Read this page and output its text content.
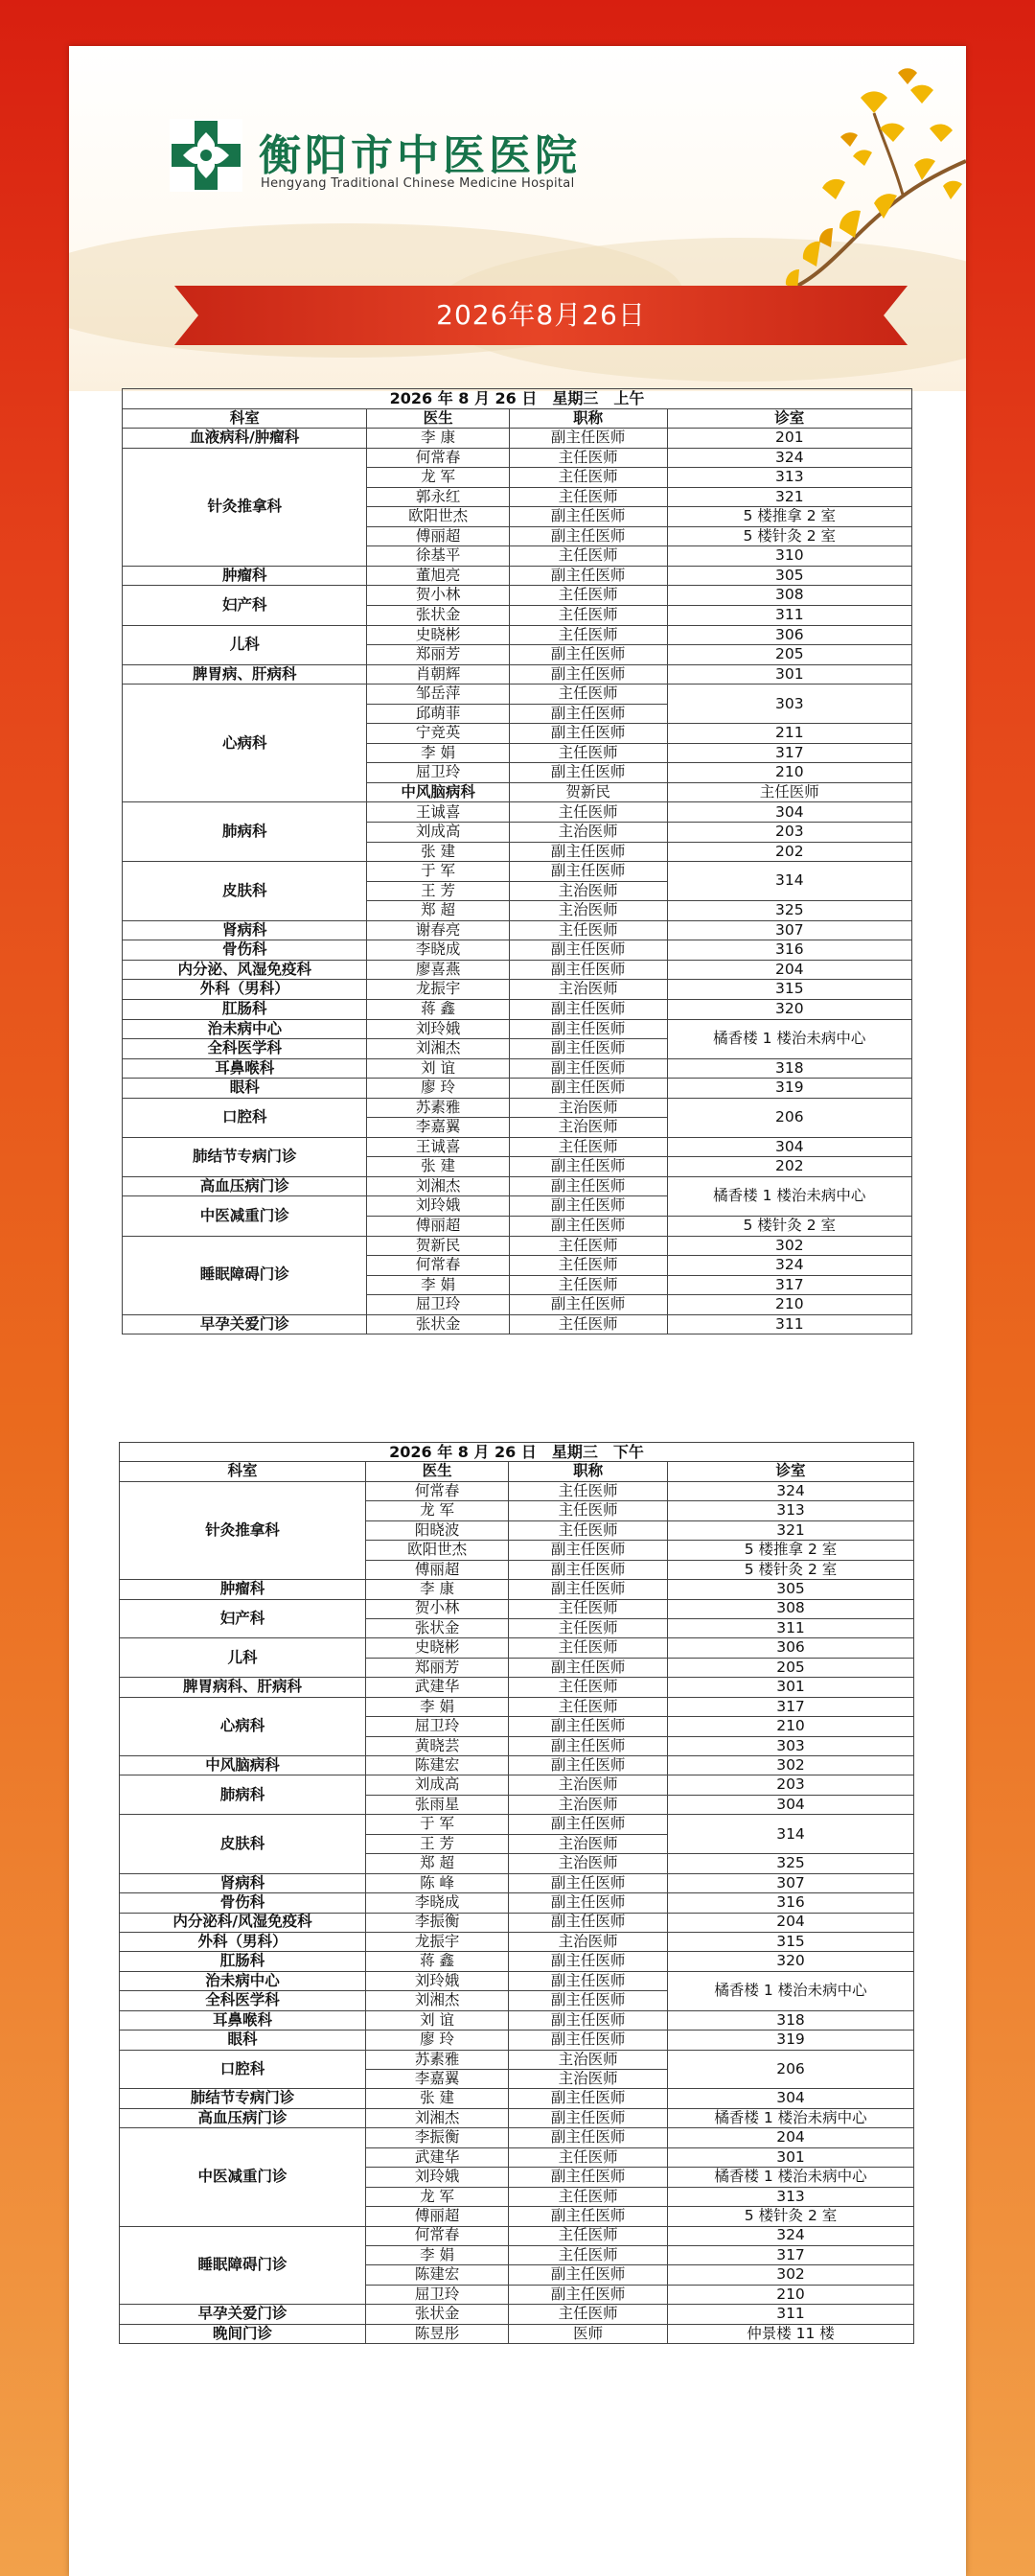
衡阳市中医医院
Hengyang Traditional Chinese Medicine Hospital
2026年8月26日
2026 年 8 月 26 日　星期三　上午				
科室	医生	职称	诊室	
血液病科/肿瘤科	李 康	副主任医师	201	
针灸推拿科	何常春	主任医师	324	
	龙 军	主任医师	313	
	郭永红	主任医师	321	
	欧阳世杰	副主任医师	5 楼推拿 2 室	
	傅丽超	副主任医师	5 楼针灸 2 室	
	徐基平	主任医师	310	
肿瘤科	董旭亮	副主任医师	305	
妇产科	贺小林	主任医师	308	
	张状金	主任医师	311	
儿科	史晓彬	主任医师	306	
	郑丽芳	副主任医师	205	
脾胃病、肝病科	肖朝辉	副主任医师	301	
心病科	邹岳萍	主任医师	303	
	邱萌菲	副主任医师		
	宁竞英	副主任医师	211	
	李 娟	主任医师	317	
	屈卫玲	副主任医师	210	
	中风脑病科	贺新民	主任医师	
肺病科	王诚喜	主任医师	304	
	刘成高	主治医师	203	
	张 建	副主任医师	202	
皮肤科	于 军	副主任医师	314	
	王 芳	主治医师		
	郑 超	主治医师	325	
肾病科	谢春亮	主任医师	307	
骨伤科	李晓成	副主任医师	316	
内分泌、风湿免疫科	廖喜燕	副主任医师	204	
外科（男科）	龙振宇	主治医师	315	
肛肠科	蒋 鑫	副主任医师	320	
治未病中心	刘玲娥	副主任医师	橘香楼 1 楼治未病中心	
全科医学科	刘湘杰	副主任医师		
耳鼻喉科	刘 谊	副主任医师	318	
眼科	廖 玲	副主任医师	319	
口腔科	苏素雅	主治医师	206	
	李嘉翼	主治医师		
肺结节专病门诊	王诚喜	主任医师	304	
	张 建	副主任医师	202	
高血压病门诊	刘湘杰	副主任医师	橘香楼 1 楼治未病中心	
中医减重门诊	刘玲娥	副主任医师		
	傅丽超	副主任医师	5 楼针灸 2 室	
睡眠障碍门诊	贺新民	主任医师	302	
	何常春	主任医师	324	
	李 娟	主任医师	317	
	屈卫玲	副主任医师	210	
早孕关爱门诊	张状金	主任医师	311	
2026 年 8 月 26 日　星期三　下午			
科室	医生	职称	诊室
针灸推拿科	何常春	主任医师	324
	龙 军	主任医师	313
	阳晓波	主任医师	321
	欧阳世杰	副主任医师	5 楼推拿 2 室
	傅丽超	副主任医师	5 楼针灸 2 室
肿瘤科	李 康	副主任医师	305
妇产科	贺小林	主任医师	308
	张状金	主任医师	311
儿科	史晓彬	主任医师	306
	郑丽芳	副主任医师	205
脾胃病科、肝病科	武建华	主任医师	301
心病科	李 娟	主任医师	317
	屈卫玲	副主任医师	210
	黄晓芸	副主任医师	303
中风脑病科	陈建宏	副主任医师	302
肺病科	刘成高	主治医师	203
	张雨星	主治医师	304
皮肤科	于 军	副主任医师	314
	王 芳	主治医师	
	郑 超	主治医师	325
肾病科	陈 峰	副主任医师	307
骨伤科	李晓成	副主任医师	316
内分泌科/风湿免疫科	李振衡	副主任医师	204
外科（男科）	龙振宇	主治医师	315
肛肠科	蒋 鑫	副主任医师	320
治未病中心	刘玲娥	副主任医师	橘香楼 1 楼治未病中心
全科医学科	刘湘杰	副主任医师	
耳鼻喉科	刘 谊	副主任医师	318
眼科	廖 玲	副主任医师	319
口腔科	苏素雅	主治医师	206
	李嘉翼	主治医师	
肺结节专病门诊	张 建	副主任医师	304
高血压病门诊	刘湘杰	副主任医师	橘香楼 1 楼治未病中心
中医减重门诊	李振衡	副主任医师	204
	武建华	主任医师	301
	刘玲娥	副主任医师	橘香楼 1 楼治未病中心
	龙 军	主任医师	313
	傅丽超	副主任医师	5 楼针灸 2 室
睡眠障碍门诊	何常春	主任医师	324
	李 娟	主任医师	317
	陈建宏	副主任医师	302
	屈卫玲	副主任医师	210
早孕关爱门诊	张状金	主任医师	311
晚间门诊	陈昱彤	医师	仲景楼 11 楼
